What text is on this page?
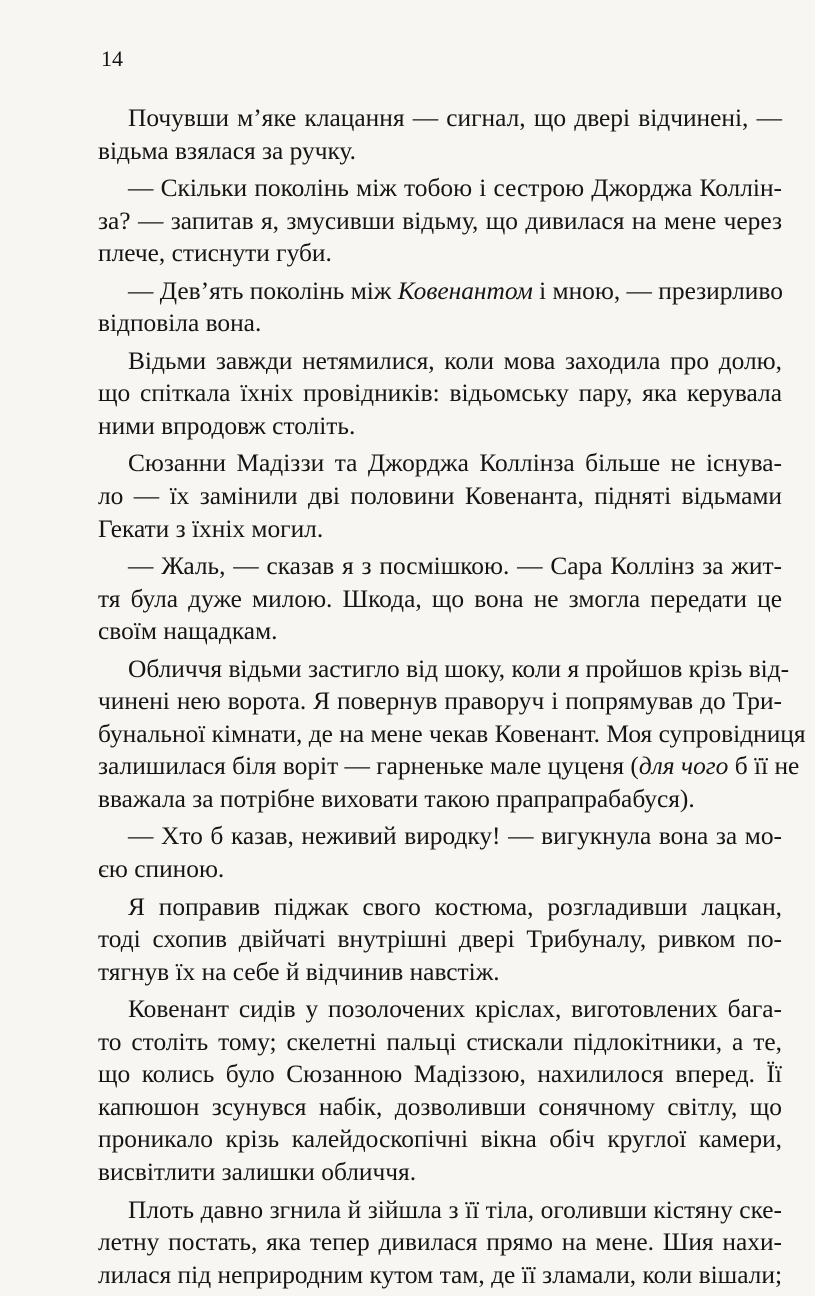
14
Почувши м’яке клацання — сигнал, що двері відчинені, —
відьма взялася за ручку.
— Скільки поколінь між тобою і сестрою Джорджа Коллін-
за? — запитав я, змусивши відьму, що дивилася на мене через
плече, стиснути губи.
— Дев’ять поколінь між Ковенантом і мною, — презирливо
відповіла вона.
Відьми завжди нетямилися, коли мова заходила про долю,
що спіткала їхніх провідників: відьомську пару, яка керувала
ними впродовж століть.
Сюзанни Мадіззи та Джорджа Коллінза більше не існува-
ло — їх замінили дві половини Ковенанта, підняті відьмами
Гекати з їхніх могил.
— Жаль, — сказав я з посмішкою. — Сара Коллінз за жит-
тя була дуже милою. Шкода, що вона не змогла передати це
своїм нащадкам.
Обличчя відьми застигло від шоку, коли я пройшов крізь від-
чинені нею ворота. Я повернув праворуч і попрямував до Три-
бунальної кімнати, де на мене чекав Ковенант. Моя супровідниця
залишилася біля воріт — гарненьке мале цуценя (для чого б її не
вважала за потрібне виховати такою прапрапрабабуся).
— Хто б казав, неживий виродку! — вигукнула вона за мо-
єю спиною.
Я поправив піджак свого костюма, розгладивши лацкан,
тоді схопив двійчаті внутрішні двері Трибуналу, ривком по-
тягнув їх на себе й відчинив навстіж.
Ковенант сидів у позолочених кріслах, виготовлених бага-
то століть тому; скелетні пальці стискали підлокітники, а те,
що колись було Сюзанною Мадіззою, нахилилося вперед. Її
капюшон зсунувся набік, дозволивши сонячному світлу, що
проникало крізь калейдоскопічні вікна обіч круглої камери,
висвітлити залишки обличчя.
Плоть давно згнила й зійшла з її тіла, оголивши кістяну ске-
летну постать, яка тепер дивилася прямо на мене. Шия нахи-
лилася під неприродним кутом там, де її зламали, коли вішали;
